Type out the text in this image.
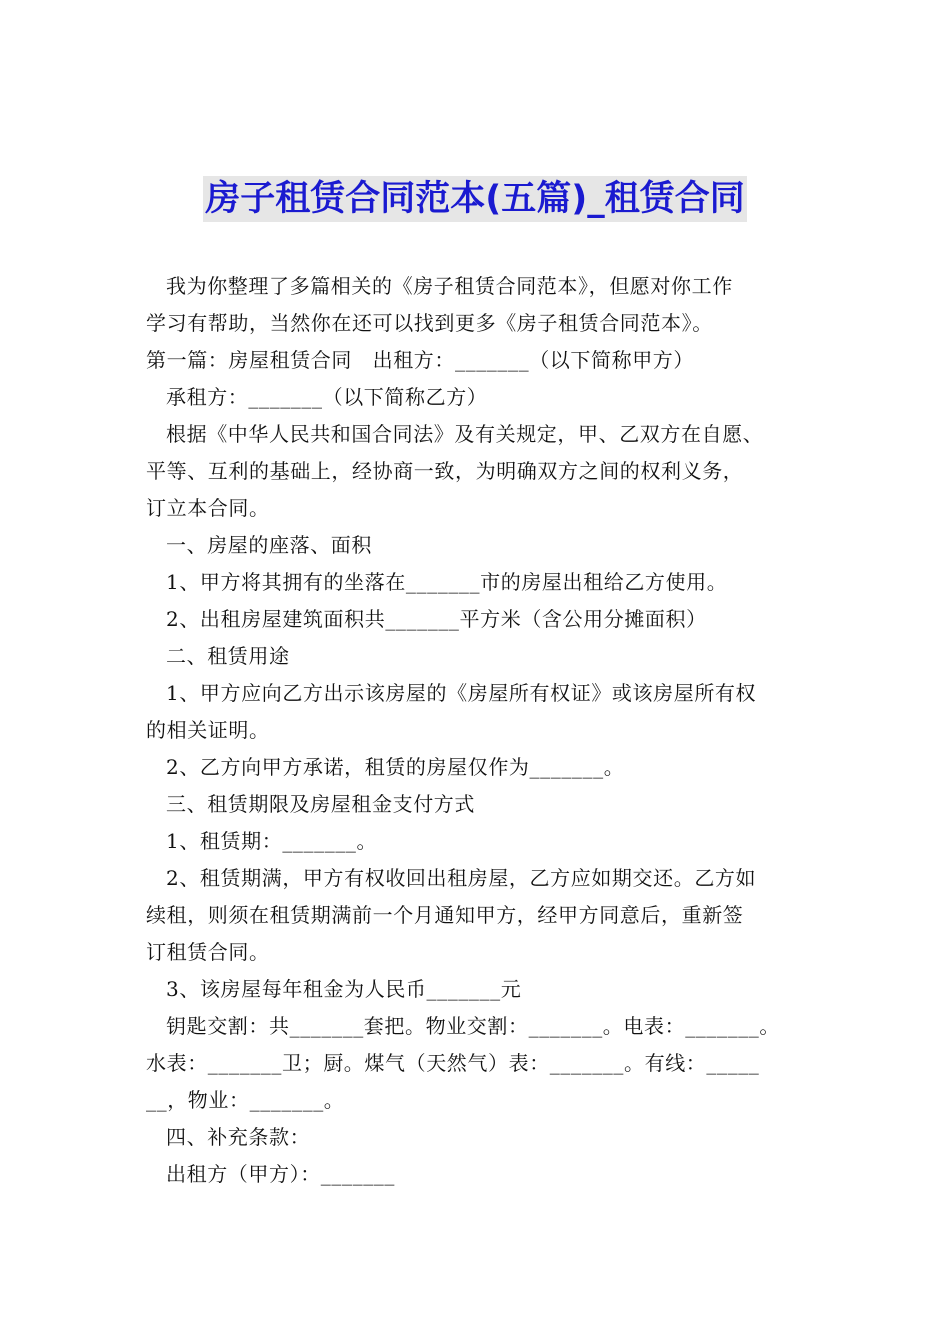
房子租赁合同范本(五篇)_租赁合同
我为你整理了多篇相关的《房子租赁合同范本》，但愿对你工作
学习有帮助，当然你在还可以找到更多《房子租赁合同范本》。
第一篇：房屋租赁合同　出租方：_______（以下简称甲方）
承租方：_______（以下简称乙方）
根据《中华人民共和国合同法》及有关规定，甲、乙双方在自愿、
平等、互利的基础上，经协商一致，为明确双方之间的权利义务，
订立本合同。
一、房屋的座落、面积
1、甲方将其拥有的坐落在_______市的房屋出租给乙方使用。
2、出租房屋建筑面积共_______平方米（含公用分摊面积）
二、租赁用途
1、甲方应向乙方出示该房屋的《房屋所有权证》或该房屋所有权
的相关证明。
2、乙方向甲方承诺，租赁的房屋仅作为_______。
三、租赁期限及房屋租金支付方式
1、租赁期：_______。
2、租赁期满，甲方有权收回出租房屋，乙方应如期交还。乙方如
续租，则须在租赁期满前一个月通知甲方，经甲方同意后，重新签
订租赁合同。
3、该房屋每年租金为人民币_______元
钥匙交割：共_______套把。物业交割：_______。电表：_______。
水表：_______卫；厨。煤气（天然气）表：_______。有线：_____
__，物业：_______。
四、补充条款：
出租方（甲方）：_______
